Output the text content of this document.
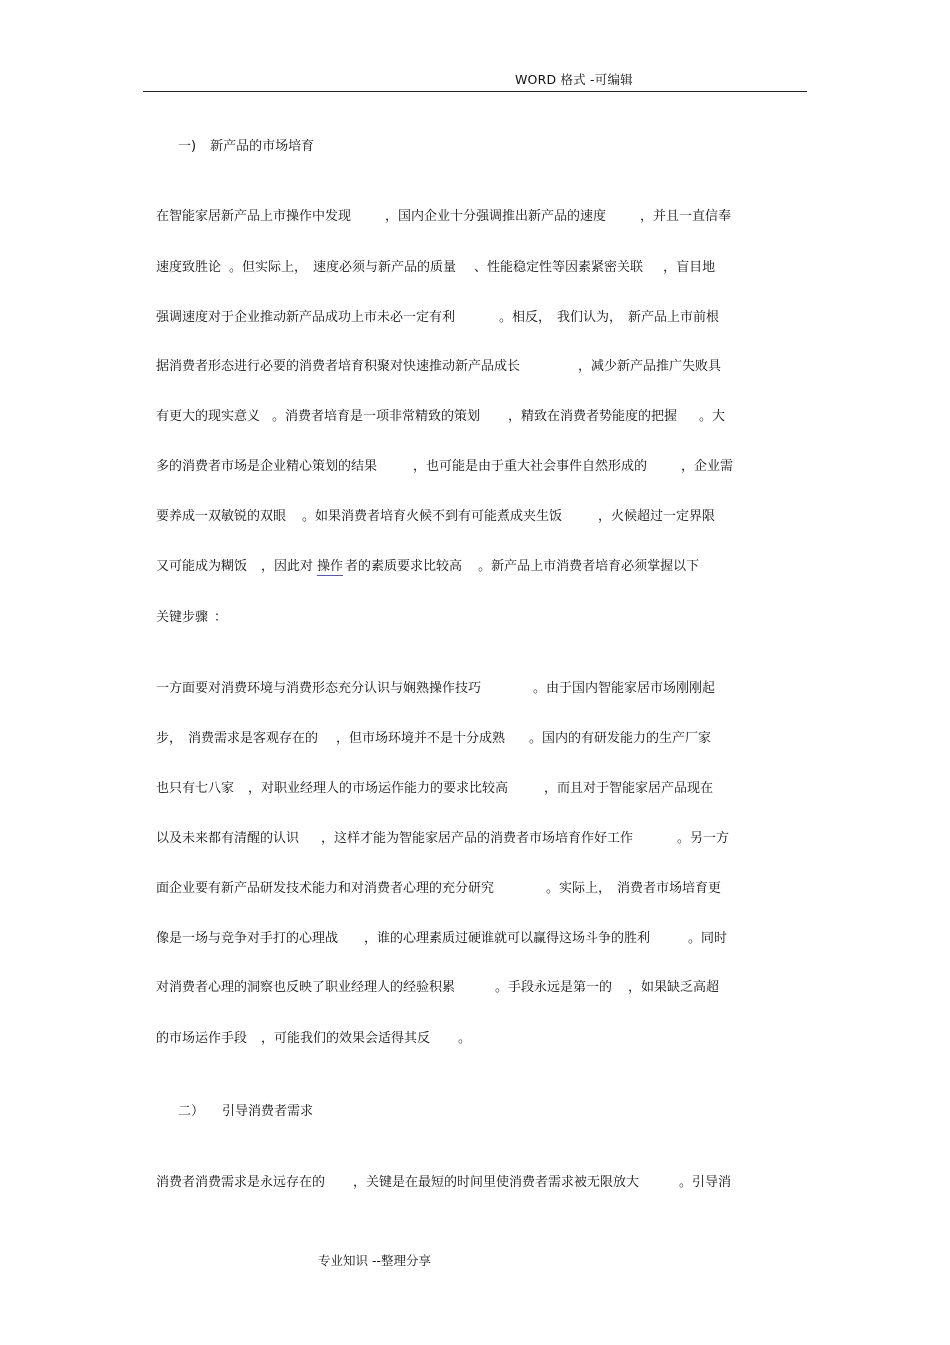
WORD 格式 -可编辑
一) 新产品的市场培育
在智能家居新产品上市操作中发现	，国内企业十分强调推出新产品的速度	，并且一直信奉
速度致胜论 。但实际上， 速度必须与新产品的质量 、性能稳定性等因素紧密关联 ，盲目地
强调速度对于企业推动新产品成功上市未必一定有利	。相反， 我们认为， 新产品上市前根
据消费者形态进行必要的消费者培育积聚对快速推动新产品成长	，减少新产品推广失败具
有更大的现实意义 。消费者培育是一项非常精致的策划 ，精致在消费者势能度的把握 。大
多的消费者市场是企业精心策划的结果	，也可能是由于重大社会事件自然形成的	，企业需
要养成一双敏锐的双眼 。如果消费者培育火候不到有可能煮成夹生饭	，火候超过一定界限
又可能成为糊饭 ，因此对 操作 者的素质要求比较高 。新产品上市消费者培育必须掌握以下
关键步骤 ：
一方面要对消费环境与消费形态充分认识与娴熟操作技巧	。由于国内智能家居市场刚刚起
步， 消费需求是客观存在的 ，但市场环境并不是十分成熟 。国内的有研发能力的生产厂家
也只有七八家 ，对职业经理人的市场运作能力的要求比较高	，而且对于智能家居产品现在
以及未来都有清醒的认识 ，这样才能为智能家居产品的消费者市场培育作好工作	。另一方
面企业要有新产品研发技术能力和对消费者心理的充分研究	。实际上， 消费者市场培育更
像是一场与竞争对手打的心理战 ，谁的心理素质过硬谁就可以赢得这场斗争的胜利	。同时
对消费者心理的洞察也反映了职业经理人的经验积累	。手段永远是第一的 ，如果缺乏高超
的市场运作手段 ，可能我们的效果会适得其反 。
二） 引导消费者需求
消费者消费需求是永远存在的 ，关键是在最短的时间里使消费者需求被无限放大	。引导消
专业知识 --整理分享
